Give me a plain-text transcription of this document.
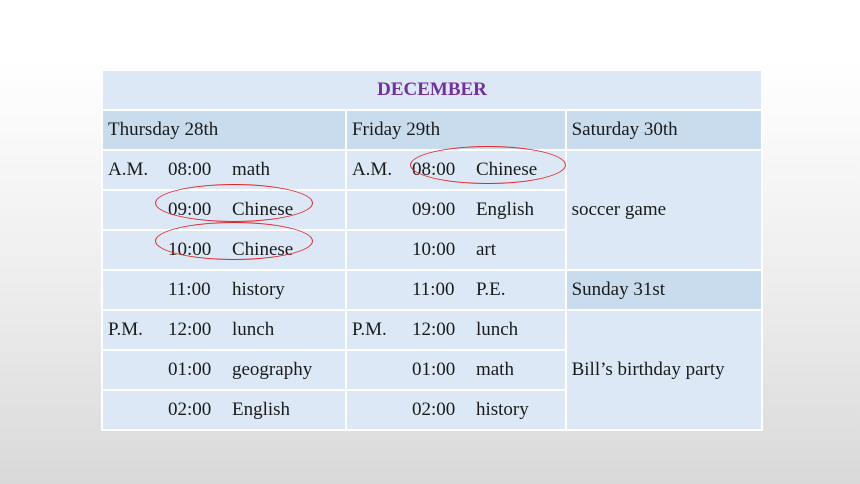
DECEMBER		
Thursday 28th	Friday 29th	Saturday 30th
A.M. 08:00 math	A.M. 08:00 Chinese	soccer game
09:00 Chinese	09:00 English	
10:00 Chinese	10:00 art	
11:00 history	11:00 P.E.	Sunday 31st
P.M. 12:00 lunch	P.M. 12:00 lunch	Bill’s birthday party
01:00 geography	01:00 math	
02:00 English	02:00 history	
